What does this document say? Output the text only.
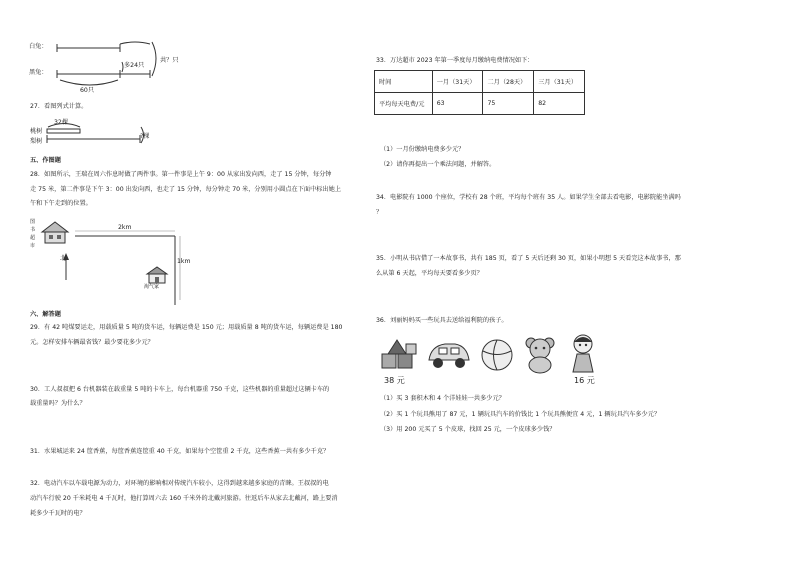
白兔：
黑兔：
共？只
多24只
60只
27．看图列式计算。
32棵
桃树
梨树
?棵
五、作图题
28．如图所示，王瑞在周六作息时做了两件事。第一件事是上午 9：00 从家出发向西，走了 15 分钟，每分钟
走 75 米，第二件事是下午 3：00 出发向西，也走了 15 分钟，每分钟走 70 米，分别用小圆点在下面中标出她上
午和下午走到的位置。
图书超市
2km
1km
北
淘气家
六、解答题
29．有 42 吨煤要运走，用载质量 5 吨的货车运，每辆运费是 150 元；用载质量 8 吨的货车运，每辆运费是 180
元。怎样安排车辆最省钱？最少要花多少元？
30．工人叔叔把 6 台机器装在载重量 5 吨的卡车上，每台机器重 750 千克，这些机器的重量超过这辆卡车的
载重量吗？为什么？
31．水果城运来 24 筐香蕉，每筐香蕉连筐重 40 千克，如果每个空筐重 2 千克，这些香蕉一共有多少千克？
32．电动汽车以车载电源为动力，对环境的影响相对传统汽车较小，这得到越来越多家庭的青睐。王叔叔的电
动汽车行驶 20 千米耗电 4 千瓦时，他打算周六去 160 千米外的北戴河旅游。往返后车从家去北戴河，路上要消
耗多少千瓦时的电？
33．万达超市 2023 年第一季度每月缴纳电费情况如下：
时间	一月（31天）	二月（28天）	三月（31天）
平均每天电费/元	63	75	82
（1）一月份缴纳电费多少元？
（2）请你再提出一个乘法问题，并解答。
34．电影院有 1000 个座位，学校有 28 个班，平均每个班有 35 人。如果学生全部去看电影，电影院能坐满吗
？
35．小明从书店借了一本故事书，共有 185 页，看了 5 天后还剩 30 页，如果小明想 5 天看完这本故事书，那
么从第 6 天起，平均每天要看多少页？
36．刘丽妈妈买一些玩具去送给福利院的孩子。
38 元	16 元
（1）买 3 套积木和 4 个洋娃娃一共多少元？
（2）买 1 个玩具熊用了 87 元，1 辆玩具汽车的价钱比 1 个玩具熊便宜 4 元，1 辆玩具汽车多少元？
（3）用 200 元买了 5 个皮球，找回 25 元，一个皮球多少钱？
